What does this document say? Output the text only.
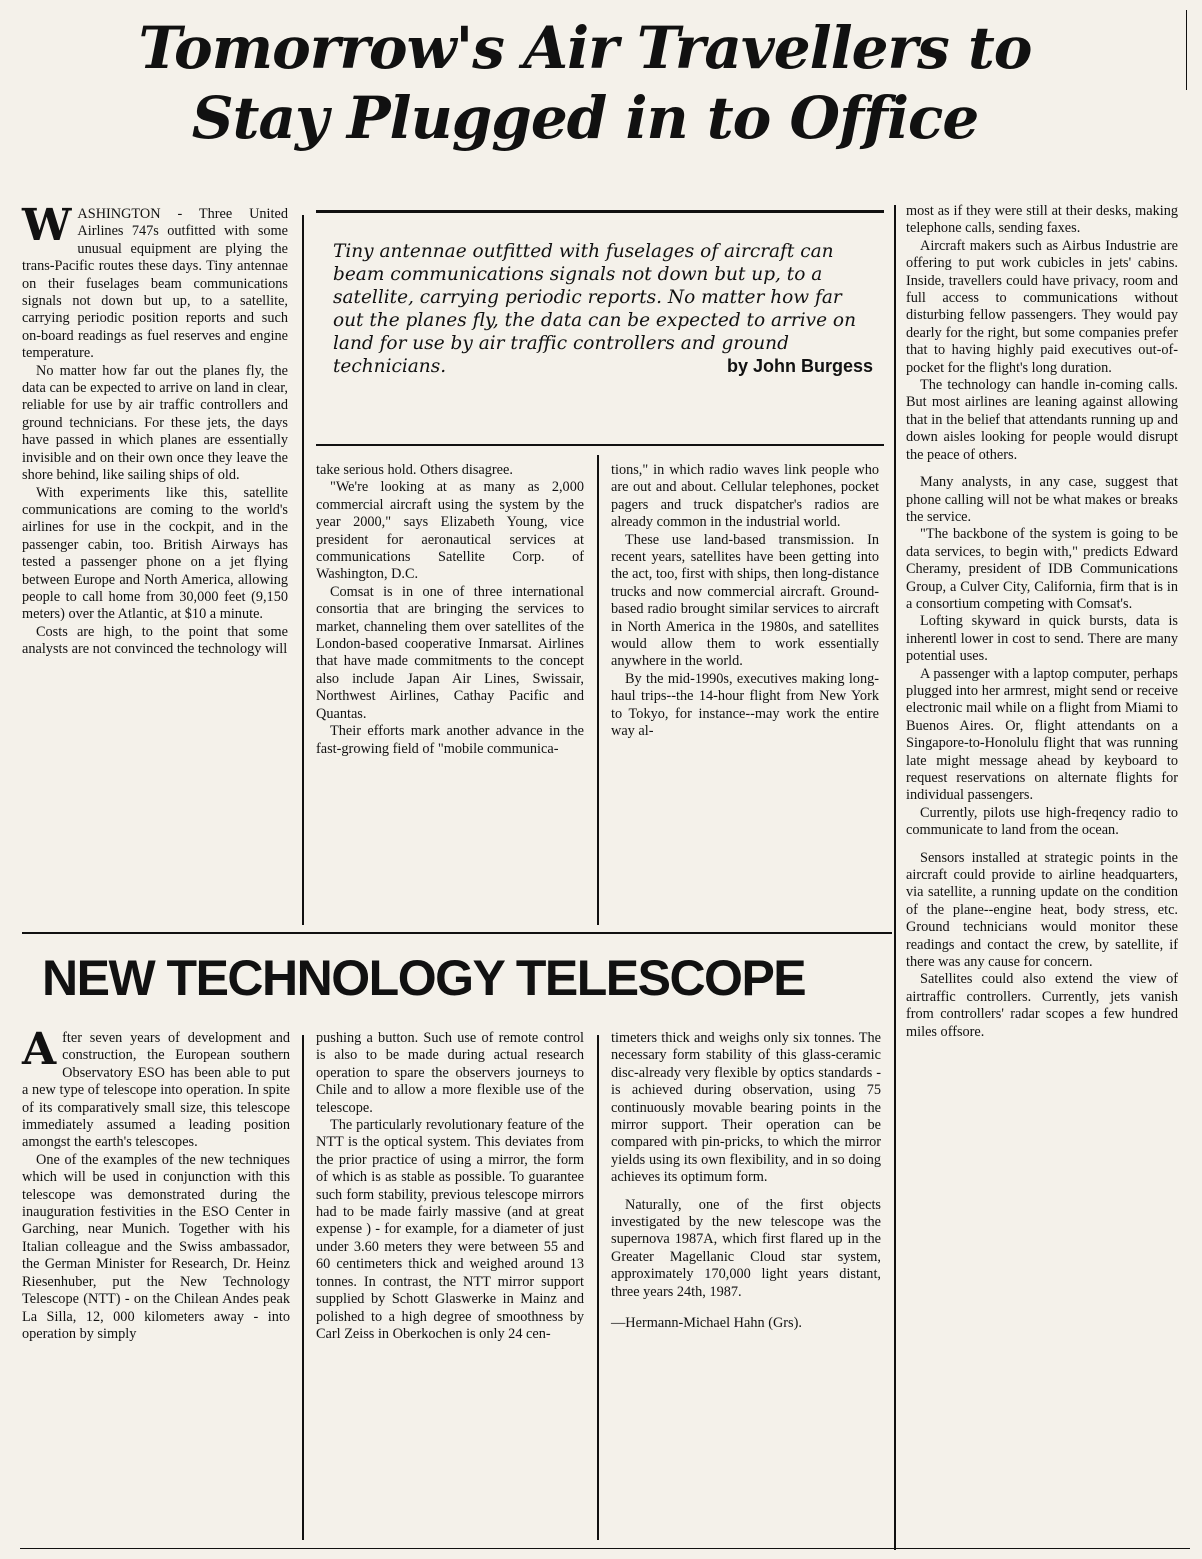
Tomorrow's Air Travellers to
Stay Plugged in to Office
Tiny antennae outfitted with fuselages of aircraft can beam communications signals not down but up, to a satellite, carrying periodic reports. No matter how far out the planes fly, the data can be expected to arrive on land for use by air traffic controllers and ground technicians.	by John Burgess

WASHINGTON - Three United Airlines 747s outfitted with some unusual equipment are plying the trans-Pacific routes these days. Tiny antennae on their fuselages beam communications signals not down but up, to a satellite, carrying periodic position reports and such on-board readings as fuel reserves and engine temperature.

No matter how far out the planes fly, the data can be expected to arrive on land in clear, reliable for use by air traffic controllers and ground technicians. For these jets, the days have passed in which planes are essentially invisible and on their own once they leave the shore behind, like sailing ships of old.

With experiments like this, satellite communications are coming to the world's airlines for use in the cockpit, and in the passenger cabin, too. British Airways has tested a passenger phone on a jet flying between Europe and North America, allowing people to call home from 30,000 feet (9,150 meters) over the Atlantic, at $10 a minute.

Costs are high, to the point that some analysts are not convinced the technology will

take serious hold. Others disagree.

"We're looking at as many as 2,000 commercial aircraft using the system by the year 2000," says Elizabeth Young, vice president for aeronautical services at communications Satellite Corp. of Washington, D.C.

Comsat is in one of three international consortia that are bringing the services to market, channeling them over satellites of the London-based cooperative Inmarsat. Airlines that have made commitments to the concept also include Japan Air Lines, Swissair, Northwest Airlines, Cathay Pacific and Quantas.

Their efforts mark another advance in the fast-growing field of "mobile communica-

tions," in which radio waves link people who are out and about. Cellular telephones, pocket pagers and truck dispatcher's radios are already common in the industrial world.

These use land-based transmission. In recent years, satellites have been getting into the act, too, first with ships, then long-distance trucks and now commercial aircraft. Ground-based radio brought similar services to aircraft in North America in the 1980s, and satellites would allow them to work essentially anywhere in the world.

By the mid-1990s, executives making long-haul trips--the 14-hour flight from New York to Tokyo, for instance--may work the entire way al-

most as if they were still at their desks, making telephone calls, sending faxes.

Aircraft makers such as Airbus Industrie are offering to put work cubicles in jets' cabins. Inside, travellers could have privacy, room and full access to communications without disturbing fellow passengers. They would pay dearly for the right, but some companies prefer that to having highly paid executives out-of-pocket for the flight's long duration.

The technology can handle in-coming calls. But most airlines are leaning against allowing that in the belief that attendants running up and down aisles looking for people would disrupt the peace of others.

Many analysts, in any case, suggest that phone calling will not be what makes or breaks the service.

"The backbone of the system is going to be data services, to begin with," predicts Edward Cheramy, president of IDB Communications Group, a Culver City, California, firm that is in a consortium competing with Comsat's.

Lofting skyward in quick bursts, data is inherentl lower in cost to send. There are many potential uses.

A passenger with a laptop computer, perhaps plugged into her armrest, might send or receive electronic mail while on a flight from Miami to Buenos Aires. Or, flight attendants on a Singapore-to-Honolulu flight that was running late might message ahead by keyboard to request reservations on alternate flights for individual passengers.

Currently, pilots use high-freqency radio to communicate to land from the ocean.

Sensors installed at strategic points in the aircraft could provide to airline headquarters, via satellite, a running update on the condition of the plane--engine heat, body stress, etc. Ground technicians would monitor these readings and contact the crew, by satellite, if there was any cause for concern.

Satellites could also extend the view of airtraffic controllers. Currently, jets vanish from controllers' radar scopes a few hundred miles offsore.

NEW TECHNOLOGY TELESCOPE

After seven years of development and construction, the European southern Observatory ESO has been able to put a new type of telescope into operation. In spite of its comparatively small size, this telescope immediately assumed a leading position amongst the earth's telescopes.

One of the examples of the new techniques which will be used in conjunction with this telescope was demonstrated during the inauguration festivities in the ESO Center in Garching, near Munich. Together with his Italian colleague and the Swiss ambassador, the German Minister for Research, Dr. Heinz Riesenhuber, put the New Technology Telescope (NTT) - on the Chilean Andes peak La Silla, 12, 000 kilometers away - into operation by simply

pushing a button. Such use of remote control is also to be made during actual research operation to spare the observers journeys to Chile and to allow a more flexible use of the telescope.

The particularly revolutionary feature of the NTT is the optical system. This deviates from the prior practice of using a mirror, the form of which is as stable as possible. To guarantee such form stability, previous telescope mirrors had to be made fairly massive (and at great expense ) - for example, for a diameter of just under 3.60 meters they were between 55 and 60 centimeters thick and weighed around 13 tonnes. In contrast, the NTT mirror support supplied by Schott Glaswerke in Mainz and polished to a high degree of smoothness by Carl Zeiss in Oberkochen is only 24 cen-

timeters thick and weighs only six tonnes. The necessary form stability of this glass-ceramic disc-already very flexible by optics standards - is achieved during observation, using 75 continuously movable bearing points in the mirror support. Their operation can be compared with pin-pricks, to which the mirror yields using its own flexibility, and in so doing achieves its optimum form.

Naturally, one of the first objects investigated by the new telescope was the supernova 1987A, which first flared up in the Greater Magellanic Cloud star system, approximately 170,000 light years distant, three years 24th, 1987.

—Hermann-Michael Hahn (Grs).
